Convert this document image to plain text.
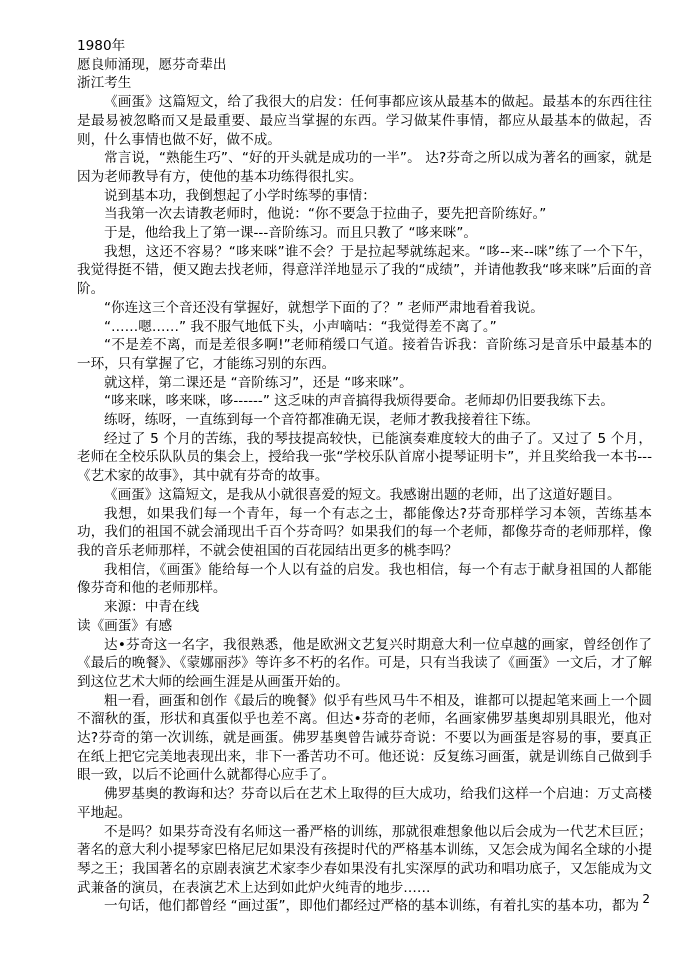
1980年

愿良师涌现，愿芬奇辈出

浙江考生

《画蛋》这篇短文，给了我很大的启发：任何事都应该从最基本的做起。最基本的东西往往是最易被忽略而又是最重要、最应当掌握的东西。学习做某件事情，都应从最基本的做起，否则，什么事情也做不好，做不成。

常言说，“熟能生巧”、“好的开头就是成功的一半”。 达?芬奇之所以成为著名的画家，就是因为老师教导有方，使他的基本功练得很扎实。

说到基本功，我倒想起了小学时练琴的事情：

当我第一次去请教老师时，他说：“你不要急于拉曲子，要先把音阶练好。”

于是，他给我上了第一课---音阶练习。而且只教了 “哆来咪”。

我想，这还不容易？“哆来咪”谁不会？于是拉起琴就练起来。“哆--来--咪”练了一个下午，我觉得挺不错，便又跑去找老师，得意洋洋地显示了我的“成绩”，并请他教我“哆来咪”后面的音阶。

“你连这三个音还没有掌握好，就想学下面的了？” 老师严肃地看着我说。

“……嗯……” 我不服气地低下头，小声嘀咕：“我觉得差不离了。”

“不是差不离，而是差很多啊!”老师稍缓口气道。接着告诉我：音阶练习是音乐中最基本的一环，只有掌握了它，才能练习别的东西。

就这样，第二课还是 “音阶练习”，还是 “哆来咪”。

“哆来咪，哆来咪，哆------” 这乏味的声音搞得我烦得要命。老师却仍旧要我练下去。

练呀，练呀，一直练到每一个音符都准确无误，老师才教我接着往下练。

经过了 5 个月的苦练，我的琴技提高较快，已能演奏难度较大的曲子了。又过了 5 个月，老师在全校乐队队员的集会上，授给我一张“学校乐队首席小提琴证明卡”，并且奖给我一本书---《艺术家的故事》，其中就有芬奇的故事。

《画蛋》这篇短文，是我从小就很喜爱的短文。我感谢出题的老师，出了这道好题目。

我想，如果我们每一个青年，每一个有志之士，都能像达?芬奇那样学习本领，苦练基本功，我们的祖国不就会涌现出千百个芬奇吗？如果我们的每一个老师，都像芬奇的老师那样，像我的音乐老师那样，不就会使祖国的百花园结出更多的桃李吗？

我相信，《画蛋》能给每一个人以有益的启发。我也相信，每一个有志于献身祖国的人都能像芬奇和他的老师那样。

来源：中青在线

读《画蛋》有感

达•芬奇这一名字，我很熟悉，他是欧洲文艺复兴时期意大利一位卓越的画家，曾经创作了《最后的晚餐》、《蒙娜丽莎》等许多不朽的名作。可是，只有当我读了《画蛋》一文后，才了解到这位艺术大师的绘画生涯是从画蛋开始的。

粗一看，画蛋和创作《最后的晚餐》似乎有些风马牛不相及，谁都可以提起笔来画上一个圆不溜秋的蛋，形状和真蛋似乎也差不离。但达•芬奇的老师，名画家佛罗基奥却别具眼光，他对达?芬奇的第一次训练，就是画蛋。佛罗基奥曾告诫芬奇说：不要以为画蛋是容易的事，要真正在纸上把它完美地表现出来，非下一番苦功不可。他还说：反复练习画蛋，就是训练自己做到手眼一致，以后不论画什么就都得心应手了。

佛罗基奥的教诲和达？芬奇以后在艺术上取得的巨大成功，给我们这样一个启迪：万丈高楼平地起。

不是吗？如果芬奇没有名师这一番严格的训练，那就很难想象他以后会成为一代艺术巨匠；著名的意大利小提琴家巴格尼尼如果没有孩提时代的严格基本训练，又怎会成为闻名全球的小提琴之王；我国著名的京剧表演艺术家李少春如果没有扎实深厚的武功和唱功底子，又怎能成为文武兼备的演员，在表演艺术上达到如此炉火纯青的地步……

一句话，他们都曾经 “画过蛋”，即他们都经过严格的基本训练，有着扎实的基本功，都为 2
